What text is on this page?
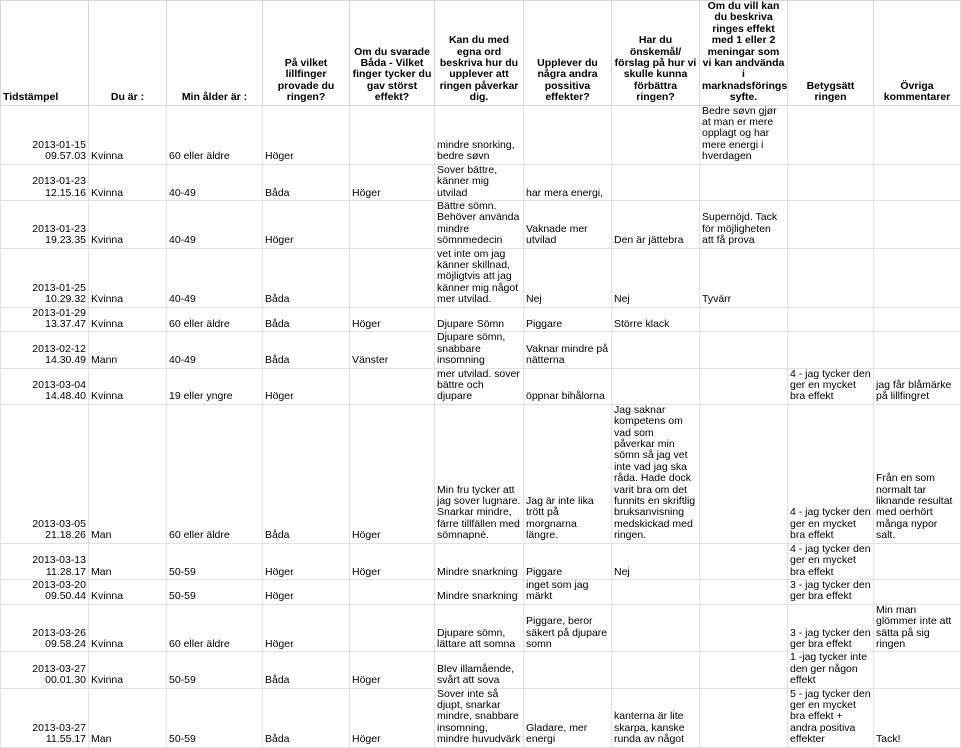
Tidstämpel	Du är :	Min ålder är :	På vilket lillfinger provade du ringen?	Om du svarade Båda - Vilket finger tycker du gav störst effekt?	Kan du med egna ord beskriva hur du upplever att ringen påverkar dig.	Upplever du några andra possitiva effekter?	Har du önskemål/ förslag på hur vi skulle kunna förbättra ringen?	Om du vill kan du beskriva ringes effekt med 1 eller 2 meningar som vi kan andvända i marknadsförings syfte.	Betygsätt ringen	Övriga kommentarer
2013-01-15 09.57.03	Kvinna	60 eller äldre	Höger		mindre snorking, bedre søvn			Bedre søvn gjør at man er mere opplagt og har mere energi i hverdagen		
2013-01-23 12.15.16	Kvinna	40-49	Båda	Höger	Sover bättre, känner mig utvilad	har mera energi,				
2013-01-23 19.23.35	Kvinna	40-49	Höger		Bättre sömn. Behöver använda mindre sömnmedecin	Vaknade mer utvilad	Den är jättebra	Supernöjd. Tack för möjligheten att få prova		
2013-01-25 10.29.32	Kvinna	40-49	Båda		vet inte om jag känner skillnad, möjligtvis att jag känner mig något mer utvilad.	Nej	Nej	Tyvärr		
2013-01-29 13.37.47	Kvinna	60 eller äldre	Båda	Höger	Djupare Sömn	Piggare	Större klack			
2013-02-12 14.30.49	Mann	40-49	Båda	Vänster	Djupare sömn, snabbare insomning	Vaknar mindre på nätterna				
2013-03-04 14.48.40	Kvinna	19 eller yngre	Höger		mer utvilad. sover bättre och djupare	öppnar bihålorna			4 - jag tycker den ger en mycket bra effekt	jag får blåmärke på lillfingret
2013-03-05 21.18.26	Man	60 eller äldre	Båda	Höger	Min fru tycker att jag sover lugnare. Snarkar mindre, färre tillfällen med sömnapné.	Jag är inte lika trött på morgnarna längre.	Jag saknar kompetens om vad som påverkar min sömn så jag vet inte vad jag ska råda. Hade dock varit bra om det funnits en skriftlig bruksanvisning medskickad med ringen.		4 - jag tycker den ger en mycket bra effekt	Från en som normalt tar liknande resultat med oerhört många nypor salt.
2013-03-13 11.28.17	Man	50-59	Höger	Höger	Mindre snarkning	Piggare	Nej		4 - jag tycker den ger en mycket bra effekt	
2013-03-20 09.50.44	Kvinna	50-59	Höger		Mindre snarkning	inget som jag märkt			3 - jag tycker den ger bra effekt	
2013-03-26 09.58.24	Kvinna	60 eller äldre	Höger		Djupare sömn, lättare att somna	Piggare, beror säkert på djupare somn			3 - jag tycker den ger bra effekt	Min man glömmer inte att sätta på sig ringen
2013-03-27 00.01.30	Kvinna	50-59	Båda	Höger	Blev illamående, svårt att sova				1 -jag tycker inte den ger någon effekt	
2013-03-27 11.55.17	Man	50-59	Båda	Höger	Sover inte så djupt, snarkar mindre, snabbare insomning, mindre huvudvärk	Gladare, mer energi	kanterna är lite skarpa, kanske runda av något		5 - jag tycker den ger en mycket bra effekt + andra positiva effekter	Tack!
